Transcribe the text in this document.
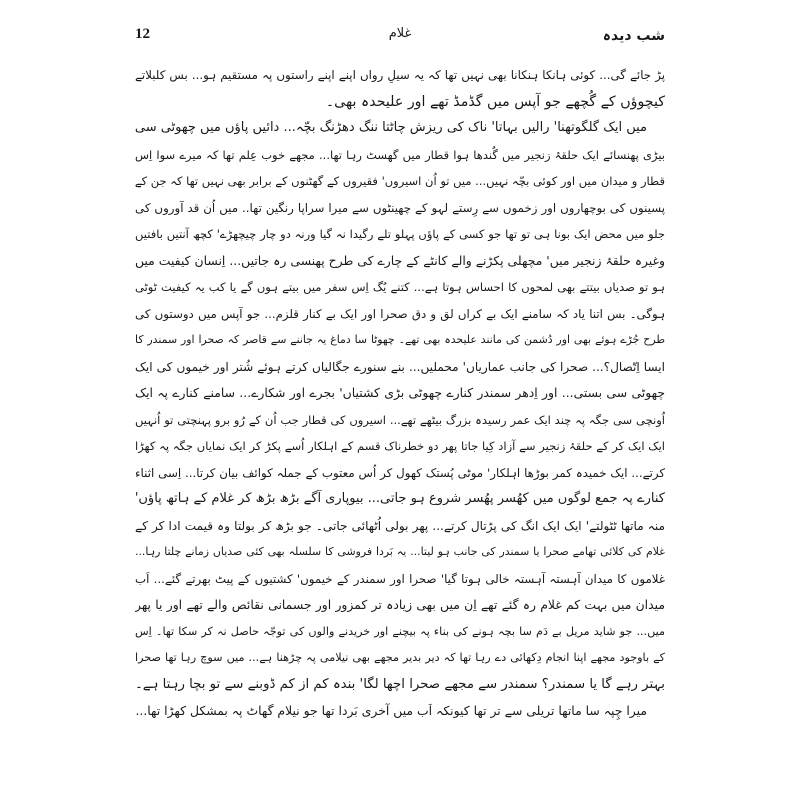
12	غلام	شب دیدہ
پڑ جائے گی... کوئی ہانکا ہنکانا بھی نہیں تھا کہ یہ سیلِ رواں اپنے اپنے راستوں پہ مستقیم ہو... بس کلبلاتے
کیچوؤں کے گُچھے جو آپس میں گڈمڈ تھے اور علیحدہ بھی۔
میں ایک گلگوتھنا' رالیں بہاتا' ناک کی ریزش چاٹتا ننگ دھڑنگ بچّہ... دائیں پاؤں میں چھوٹی سی
بیڑی پھنسائے ایک حلقۂ زنجیر میں گُندھا ہوا قطار میں گھسٹ رہا تھا... مجھے خوب عِلم تھا کہ میرے سوا اِس
قطار و میدان میں اور کوئی بچّہ نہیں... میں تو اُن اسیروں' فقیروں کے گھٹنوں کے برابر بھی نہیں تھا کہ جن کے
پسینوں کی بوچھاروں اور زخموں سے رِستے لہو کے چھینٹوں سے میرا سراپا رنگین تھا.. میں اُن قد آوروں کی
جلو میں محض ایک بونا ہی تو تھا جو کسی کے پاؤں پہلو تلے رگیدا نہ گیا ورنہ دو چار چیچھڑے' کچھ آنتیں بافتیں
وغیرہ حلقۂ زنجیر میں' مچھلی پکڑنے والے کانٹے کے چارے کی طرح پھنسی رہ جاتیں... اِنسان کیفیت میں
ہو تو صدیاں بیتتے بھی لمحوں کا احساس ہوتا ہے... کتنے یُگ اِس سفر میں بیتے ہوں گے یا کب یہ کیفیت ٹوٹی
ہوگی۔ بس اتنا یاد کہ سامنے ایک بے کراں لق و دق صحرا اور ایک بے کنار قلزم... جو آپس میں دوستوں کی
طرح جُڑے ہوئے بھی اور دُشمن کی مانند علیحدہ بھی تھے۔ چھوٹا سا دماغ یہ جاننے سے قاصر کہ صحرا اور سمندر کا
ایسا اِتّصال؟... صحرا کی جانب عماریاں' محملیں... بنے سنورے جگالیاں کرتے ہوئے شُتر اور خیموں کی ایک
چھوٹی سی بستی... اور اِدھر سمندر کنارے چھوٹی بڑی کشتیاں' بجرے اور شکارے... سامنے کنارے پہ ایک
اُونچی سی جگہ پہ چند ایک عمر رسیدہ بزرگ بیٹھے تھے... اسیروں کی قطار جب اُن کے رُو برو پہنچتی تو اُنہیں
ایک ایک کر کے حلقۂ زنجیر سے آزاد کِیا جاتا پھر دو خطرناک قسم کے اہلکار اُسے پکڑ کر ایک نمایاں جگہ پہ کھڑا
کرتے... ایک خمیدہ کمر بوڑھا اہلکار' موٹی پُستک کھول کر اُس معتوب کے جملہ کوائف بیان کرتا... اِسی اثناء
کنارے پہ جمع لوگوں میں کھُسر پھُسر شروع ہو جاتی... بیوپاری آگے بڑھ بڑھ کر غلام کے ہاتھ پاؤں'
منہ ماتھا ٹٹولتے' ایک ایک انگ کی پڑتال کرتے... پھر بولی اُٹھائی جاتی۔ جو بڑھ کر بولتا وہ قیمت ادا کر کے
غلام کی کلائی تھامے صحرا یا سمندر کی جانب ہو لیتا... یہ بَردا فروشی کا سلسلہ بھی کئی صدیاں زمانے چلتا رہا...
غلاموں کا میدان آہستہ آہستہ خالی ہوتا گیا' صحرا اور سمندر کے خیموں' کشتیوں کے پیٹ بھرتے گئے... اَب
میدان میں بہت کم غلام رہ گئے تھے اِن میں بھی زیادہ تر کمزور اور جسمانی نقائص والے تھے اور یا پھر
میں... جو شاید مریل بے دَم سا بچہ ہونے کی بناء پہ بیچنے اور خریدنے والوں کی توجّہ حاصل نہ کر سکا تھا۔ اِس
کے باوجود مجھے اپنا انجام دِکھائی دے رہا تھا کہ دیر بدیر مجھے بھی نیلامی پہ چڑھنا ہے... میں سوچ رہا تھا صحرا
بہتر رہے گا یا سمندر؟ سمندر سے مجھے صحرا اچھا لگا' بندہ کم از کم ڈوبنے سے تو بچا رہتا ہے۔
میرا چِپہ سا ماتھا تریلی سے تر تھا کیونکہ اَب میں آخری بَردا تھا جو نیلام گھاٹ پہ بمشکل کھڑا تھا...
